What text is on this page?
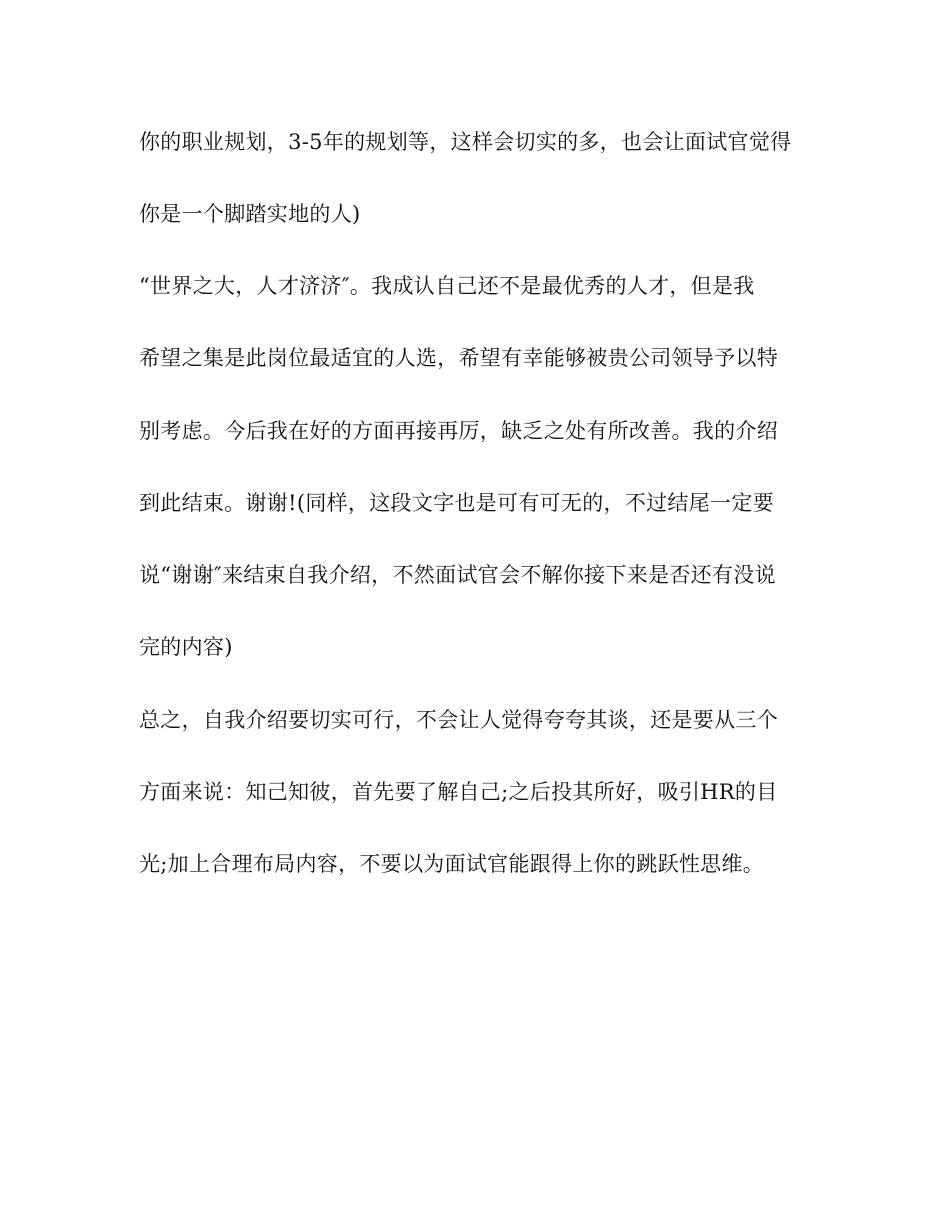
你的职业规划，3-5年的规划等，这样会切实的多，也会让面试官觉得
你是一个脚踏实地的人)
“世界之大，人才济济″。我成认自己还不是最优秀的人才，但是我
希望之集是此岗位最适宜的人选，希望有幸能够被贵公司领导予以特
别考虑。今后我在好的方面再接再厉，缺乏之处有所改善。我的介绍
到此结束。谢谢!(同样，这段文字也是可有可无的，不过结尾一定要
说“谢谢″来结束自我介绍，不然面试官会不解你接下来是否还有没说
完的内容)
总之，自我介绍要切实可行，不会让人觉得夸夸其谈，还是要从三个
方面来说：知己知彼，首先要了解自己;之后投其所好，吸引HR的目
光;加上合理布局内容，不要以为面试官能跟得上你的跳跃性思维。
